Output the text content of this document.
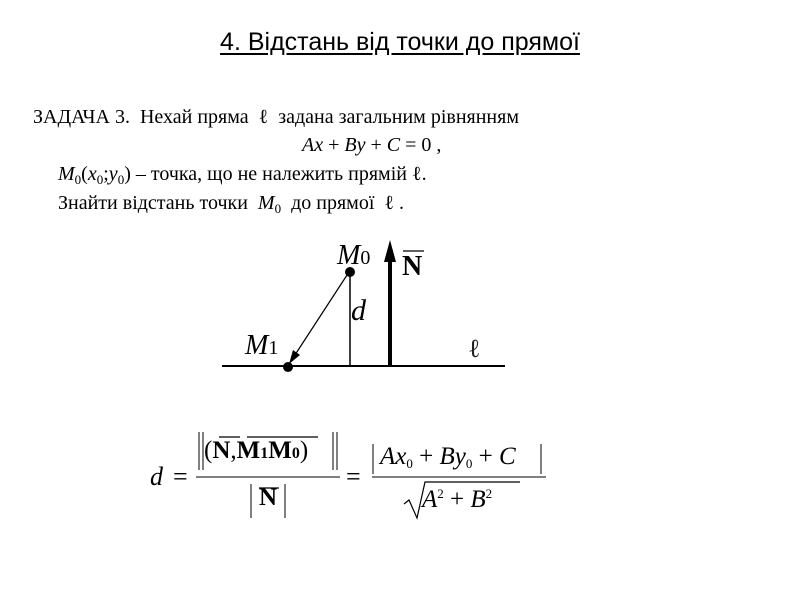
4. Відстань від точки до прямої
ЗАДАЧА 3. Нехай пряма ℓ задана загальним рівнянням
Ax + By + C = 0 ,
$M_0(x_0;y_0)$ – точка, що не належить прямій ℓ.
Знайти відстань точки $M_0$ до прямої ℓ .
M0 N
d
M1	ℓ
d =
(N,M1M0)
N
=
$Ax_0 + By_0 + C$
$A^2 + B^2$
